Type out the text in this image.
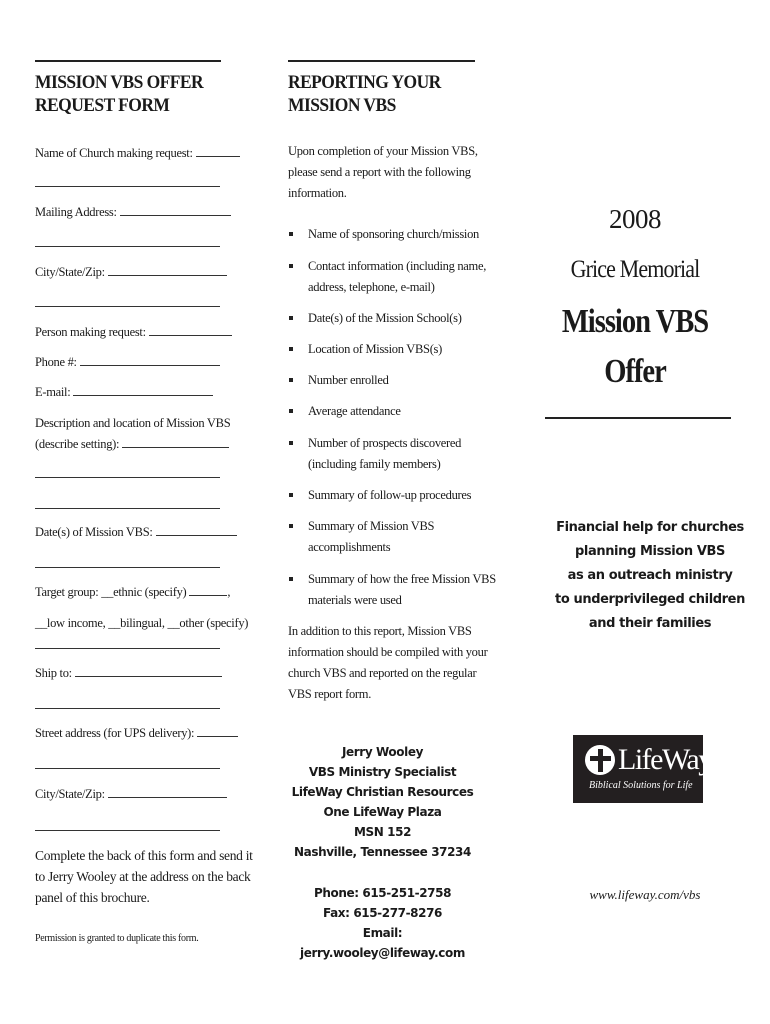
MISSION VBS OFFER
REQUEST FORM
Name of Church making request:
Mailing Address:
City/State/Zip:
Person making request:
Phone #:
E-mail:
Description and location of Mission VBS
(describe setting):
Date(s) of Mission VBS:
Target group: __ethnic (specify)	,
__low income, __bilingual, __other (specify)
Ship to:
Street address (for UPS delivery):
City/State/Zip:
Complete the back of this form and send it
to Jerry Wooley at the address on the back
panel of this brochure.
Permission is granted to duplicate this form.
REPORTING YOUR
MISSION VBS
Upon completion of your Mission VBS,
please send a report with the following
information.
Name of sponsoring church/mission
Contact information (including name,
address, telephone, e-mail)
Date(s) of the Mission School(s)
Location of Mission VBS(s)
Number enrolled
Average attendance
Number of prospects discovered
(including family members)
Summary of follow-up procedures
Summary of Mission VBS
accomplishments
Summary of how the free Mission VBS
materials were used
In addition to this report, Mission VBS
information should be compiled with your
church VBS and reported on the regular
VBS report form.
Jerry Wooley
VBS Ministry Specialist
LifeWay Christian Resources
One LifeWay Plaza
MSN 152
Nashville, Tennessee 37234
Phone: 615-251-2758
Fax: 615-277-8276
Email: jerry.wooley@lifeway.com
2008
Grice Memorial
Mission VBS
Offer
Financial help for churches
planning Mission VBS
as an outreach ministry
to underprivileged children
and their families
LifeWay
Biblical Solutions for Life
www.lifeway.com/vbs
